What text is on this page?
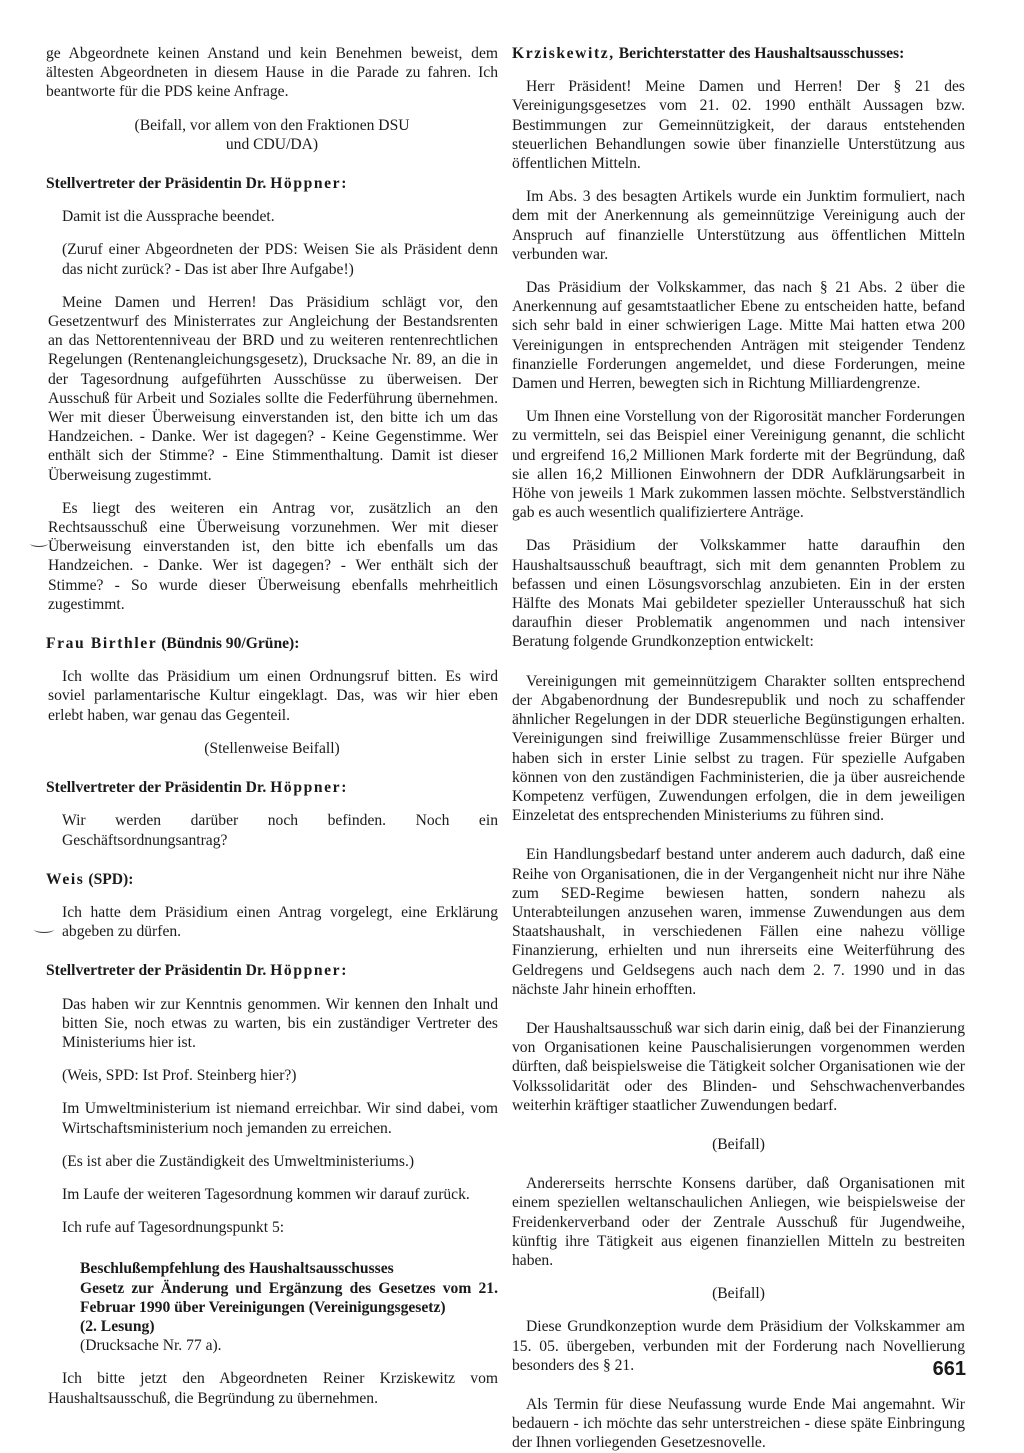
ge Abgeordnete keinen Anstand und kein Benehmen beweist, dem ältesten Abgeordneten in diesem Hause in die Parade zu fahren. Ich beantworte für die PDS keine Anfrage.

(Beifall, vor allem von den Fraktionen DSU
und CDU/DA)

Stellvertreter der Präsidentin Dr. Höppner:

Damit ist die Aussprache beendet.

(Zuruf einer Abgeordneten der PDS: Weisen Sie als Präsident denn das nicht zurück? - Das ist aber Ihre Aufgabe!)

Meine Damen und Herren! Das Präsidium schlägt vor, den Gesetzentwurf des Ministerrates zur Angleichung der Bestandsrenten an das Nettorentenniveau der BRD und zu weiteren rentenrechtlichen Regelungen (Rentenangleichungsgesetz), Drucksache Nr. 89, an die in der Tagesordnung aufgeführten Ausschüsse zu überweisen. Der Ausschuß für Arbeit und Soziales sollte die Federführung übernehmen. Wer mit dieser Überweisung einverstanden ist, den bitte ich um das Handzeichen. - Danke. Wer ist dagegen? - Keine Gegenstimme. Wer enthält sich der Stimme? - Eine Stimmenthaltung. Damit ist dieser Überweisung zugestimmt.

Es liegt des weiteren ein Antrag vor, zusätzlich an den Rechtsausschuß eine Überweisung vorzunehmen. Wer mit dieser Überweisung einverstanden ist, den bitte ich ebenfalls um das Handzeichen. - Danke. Wer ist dagegen? - Wer enthält sich der Stimme? - So wurde dieser Überweisung ebenfalls mehrheitlich zugestimmt.

Frau Birthler (Bündnis 90/Grüne):

Ich wollte das Präsidium um einen Ordnungsruf bitten. Es wird soviel parlamentarische Kultur eingeklagt. Das, was wir hier eben erlebt haben, war genau das Gegenteil.

(Stellenweise Beifall)

Stellvertreter der Präsidentin Dr. Höppner:

Wir werden darüber noch befinden. Noch ein Geschäftsordnungsantrag?

Weis (SPD):

Ich hatte dem Präsidium einen Antrag vorgelegt, eine Erklärung abgeben zu dürfen.

Stellvertreter der Präsidentin Dr. Höppner:

Das haben wir zur Kenntnis genommen. Wir kennen den Inhalt und bitten Sie, noch etwas zu warten, bis ein zuständiger Vertreter des Ministeriums hier ist.

(Weis, SPD: Ist Prof. Steinberg hier?)

Im Umweltministerium ist niemand erreichbar. Wir sind dabei, vom Wirtschaftsministerium noch jemanden zu erreichen.

(Es ist aber die Zuständigkeit des Umweltministeriums.)

Im Laufe der weiteren Tagesordnung kommen wir darauf zurück.

Ich rufe auf Tagesordnungspunkt 5:

Beschlußempfehlung des Haushaltsausschusses

Gesetz zur Änderung und Ergänzung des Gesetzes vom 21. Februar 1990 über Vereinigungen (Vereinigungsgesetz)

(2. Lesung)

(Drucksache Nr. 77 a).

Ich bitte jetzt den Abgeordneten Reiner Krziskewitz vom Haushaltsausschuß, die Begründung zu übernehmen.

Krziskewitz, Berichterstatter des Haushaltsausschusses:

Herr Präsident! Meine Damen und Herren! Der § 21 des Vereinigungsgesetzes vom 21. 02. 1990 enthält Aussagen bzw. Bestimmungen zur Gemeinnützigkeit, der daraus entstehenden steuerlichen Behandlungen sowie über finanzielle Unterstützung aus öffentlichen Mitteln.

Im Abs. 3 des besagten Artikels wurde ein Junktim formuliert, nach dem mit der Anerkennung als gemeinnützige Vereinigung auch der Anspruch auf finanzielle Unterstützung aus öffentlichen Mitteln verbunden war.

Das Präsidium der Volkskammer, das nach § 21 Abs. 2 über die Anerkennung auf gesamtstaatlicher Ebene zu entscheiden hatte, befand sich sehr bald in einer schwierigen Lage. Mitte Mai hatten etwa 200 Vereinigungen in entsprechenden Anträgen mit steigender Tendenz finanzielle Forderungen angemeldet, und diese Forderungen, meine Damen und Herren, bewegten sich in Richtung Milliardengrenze.

Um Ihnen eine Vorstellung von der Rigorosität mancher Forderungen zu vermitteln, sei das Beispiel einer Vereinigung genannt, die schlicht und ergreifend 16,2 Millionen Mark forderte mit der Begründung, daß sie allen 16,2 Millionen Einwohnern der DDR Aufklärungsarbeit in Höhe von jeweils 1 Mark zukommen lassen möchte. Selbstverständlich gab es auch wesentlich qualifiziertere Anträge.

Das Präsidium der Volkskammer hatte daraufhin den Haushaltsausschuß beauftragt, sich mit dem genannten Problem zu befassen und einen Lösungsvorschlag anzubieten. Ein in der ersten Hälfte des Monats Mai gebildeter spezieller Unterausschuß hat sich daraufhin dieser Problematik angenommen und nach intensiver Beratung folgende Grundkonzeption entwickelt:

Vereinigungen mit gemeinnützigem Charakter sollten entsprechend der Abgabenordnung der Bundesrepublik und noch zu schaffender ähnlicher Regelungen in der DDR steuerliche Begünstigungen erhalten. Vereinigungen sind freiwillige Zusammenschlüsse freier Bürger und haben sich in erster Linie selbst zu tragen. Für spezielle Aufgaben können von den zuständigen Fachministerien, die ja über ausreichende Kompetenz verfügen, Zuwendungen erfolgen, die in dem jeweiligen Einzeletat des entsprechenden Ministeriums zu führen sind.

Ein Handlungsbedarf bestand unter anderem auch dadurch, daß eine Reihe von Organisationen, die in der Vergangenheit nicht nur ihre Nähe zum SED-Regime bewiesen hatten, sondern nahezu als Unterabteilungen anzusehen waren, immense Zuwendungen aus dem Staatshaushalt, in verschiedenen Fällen eine nahezu völlige Finanzierung, erhielten und nun ihrerseits eine Weiterführung des Geldregens und Geldsegens auch nach dem 2. 7. 1990 und in das nächste Jahr hinein erhofften.

Der Haushaltsausschuß war sich darin einig, daß bei der Finanzierung von Organisationen keine Pauschalisierungen vorgenommen werden dürften, daß beispielsweise die Tätigkeit solcher Organisationen wie der Volkssolidarität oder des Blinden- und Sehschwachenverbandes weiterhin kräftiger staatlicher Zuwendungen bedarf.

(Beifall)

Andererseits herrschte Konsens darüber, daß Organisationen mit einem speziellen weltanschaulichen Anliegen, wie beispielsweise der Freidenkerverband oder der Zentrale Ausschuß für Jugendweihe, künftig ihre Tätigkeit aus eigenen finanziellen Mitteln zu bestreiten haben.

(Beifall)

Diese Grundkonzeption wurde dem Präsidium der Volkskammer am 15. 05. übergeben, verbunden mit der Forderung nach Novellierung besonders des § 21.

Als Termin für diese Neufassung wurde Ende Mai angemahnt. Wir bedauern - ich möchte das sehr unterstreichen - diese späte Einbringung der Ihnen vorliegenden Gesetzesnovelle.

661
